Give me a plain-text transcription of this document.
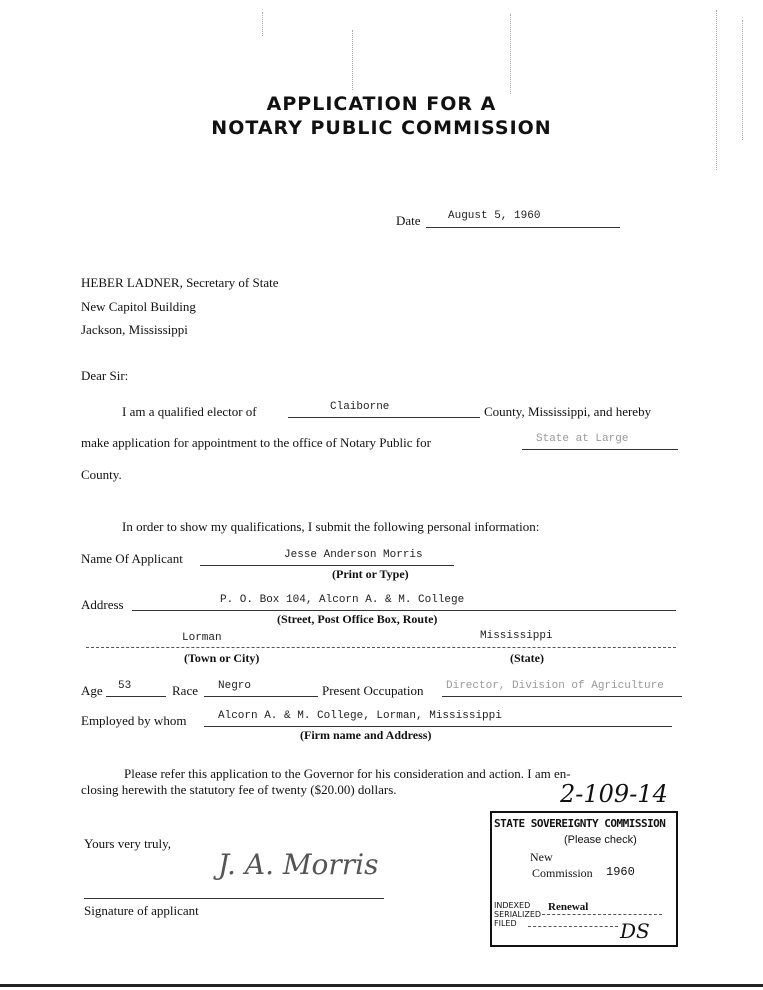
APPLICATION FOR A
NOTARY PUBLIC COMMISSION
Date August 5, 1960
HEBER LADNER, Secretary of State
New Capitol Building
Jackson, Mississippi
Dear Sir:
I am a qualified elector of	Claiborne	County, Mississippi, and hereby
make application for appointment to the office of Notary Public for	State at Large
County.
In order to show my qualifications, I submit the following personal information:
Name Of Applicant	Jesse Anderson Morris
(Print or Type)
Address	P. O. Box 104, Alcorn A. & M. College
(Street, Post Office Box, Route)
Lorman	Mississippi
(Town or City)	(State)
Age 53	Race Negro	Present Occupation Director, Division of Agriculture
Employed by whom	Alcorn A. & M. College, Lorman, Mississippi
(Firm name and Address)
Please refer this application to the Governor for his consideration and action. I am en-
closing herewith the statutory fee of twenty ($20.00) dollars.	2-109-14
Yours very truly,
J. A. Morris
Signature of applicant
STATE SOVEREIGNTY COMMISSION
(Please check)
New
Commission 1960
INDEXED
SERIALIZED
FILED
Renewal
DS
